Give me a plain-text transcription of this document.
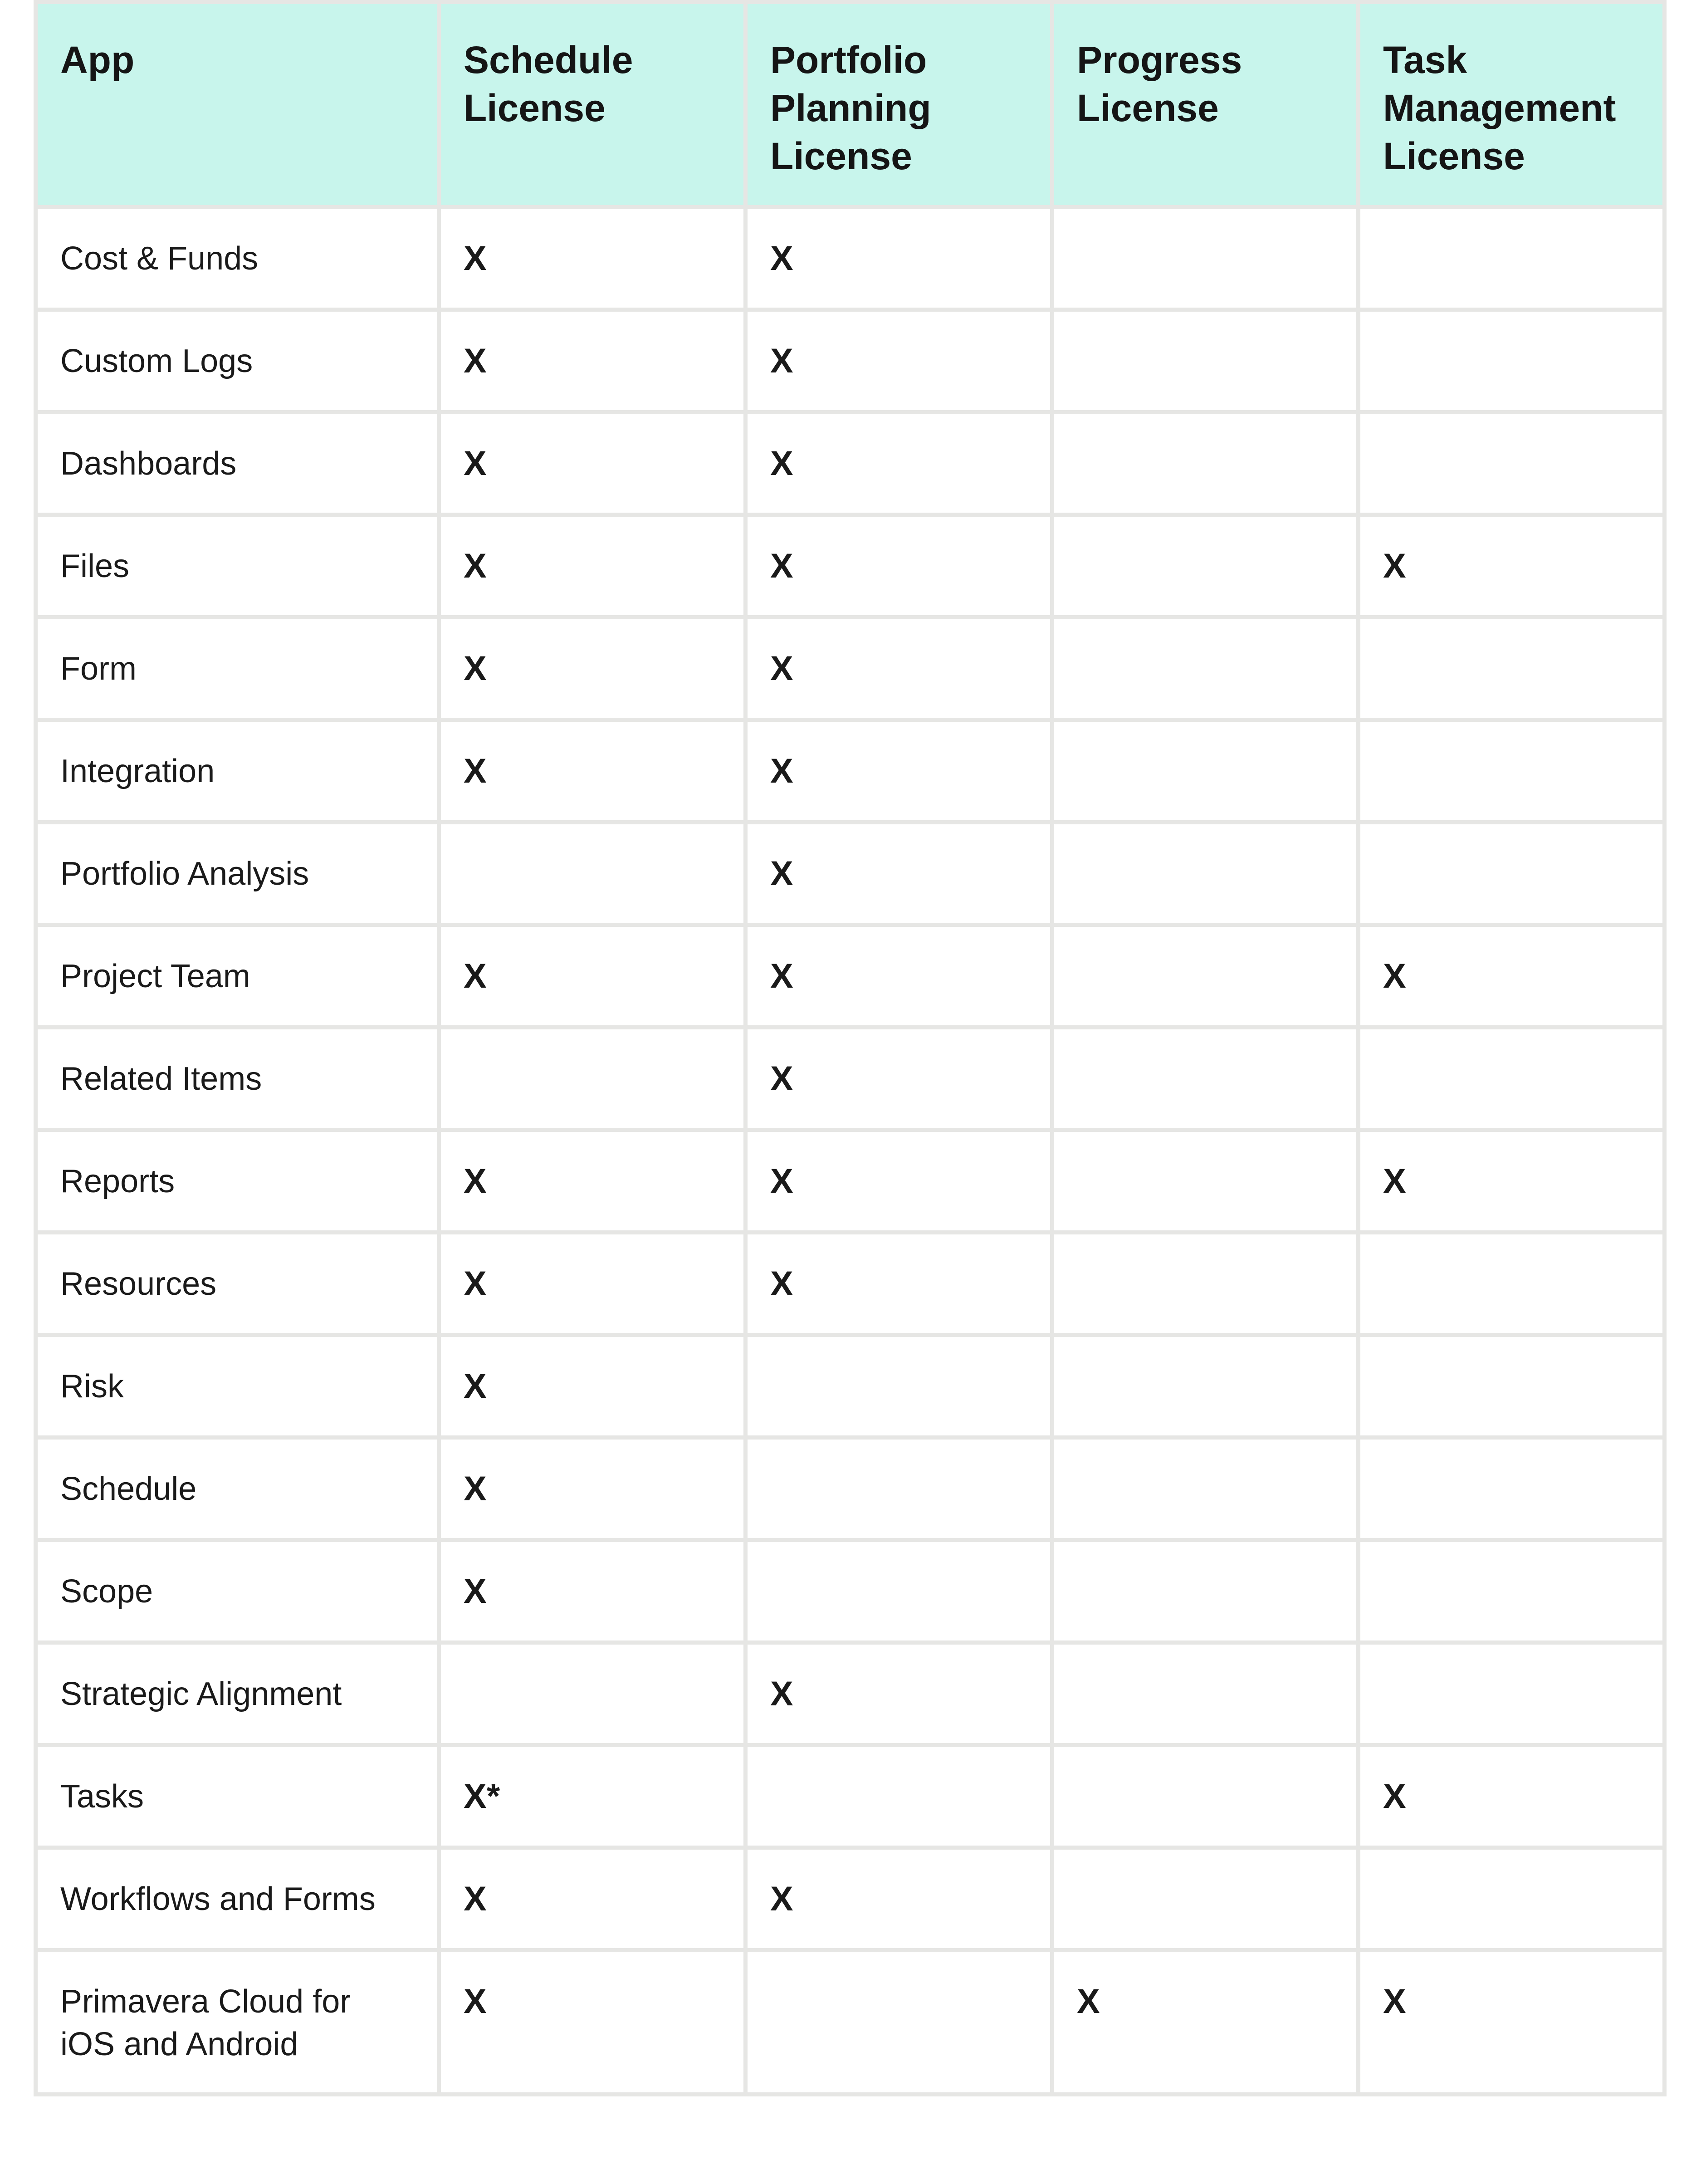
App	Schedule License	Portfolio Planning License	Progress License	Task Management License
Cost & Funds	X	X		
Custom Logs	X	X		
Dashboards	X	X		
Files	X	X		X
Form	X	X		
Integration	X	X		
Portfolio Analysis		X		
Project Team	X	X		X
Related Items		X		
Reports	X	X		X
Resources	X	X		
Risk	X			
Schedule	X			
Scope	X			
Strategic Alignment		X		
Tasks	X*			X
Workflows and Forms	X	X		
Primavera Cloud for iOS and Android	X		X	X
